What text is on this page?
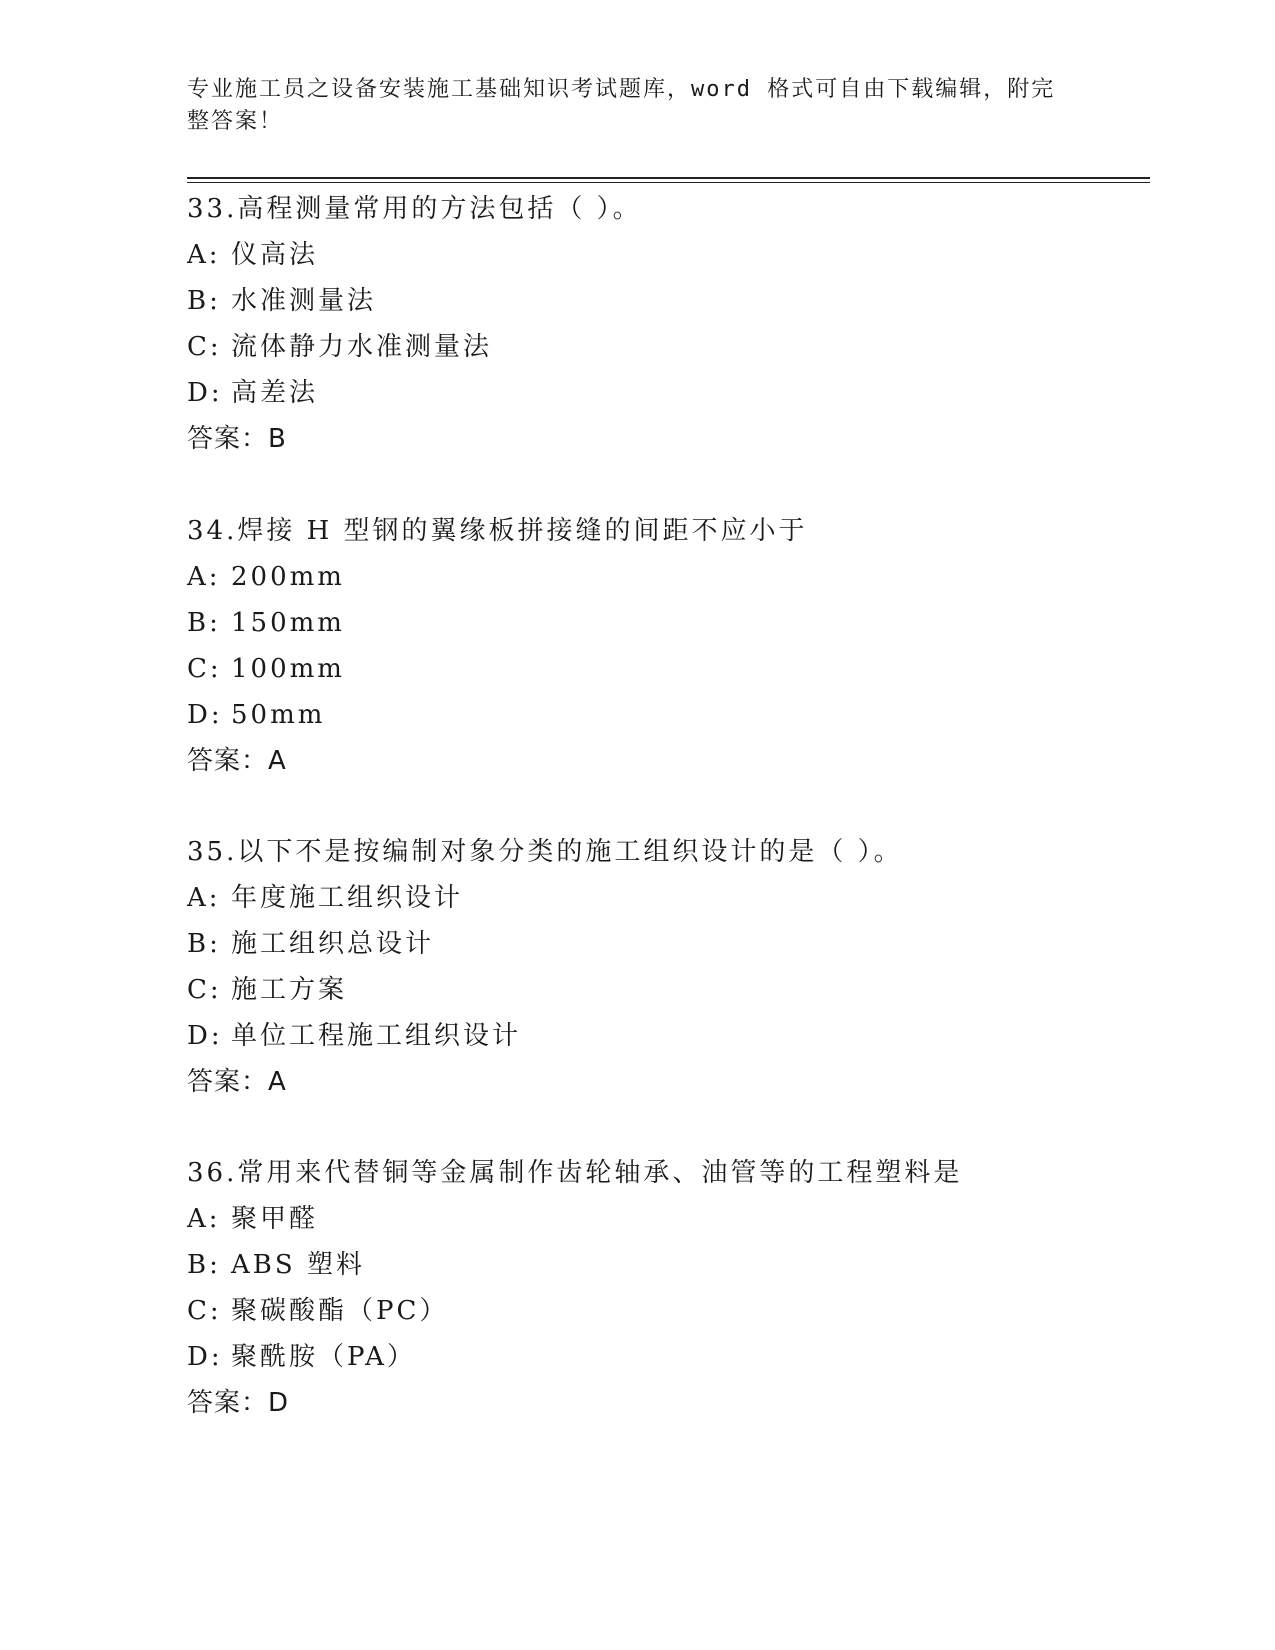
专业施工员之设备安装施工基础知识考试题库，word 格式可自由下载编辑，附完
整答案！
33.高程测量常用的方法包括（ ）。
A: 仪高法
B: 水准测量法
C: 流体静力水准测量法
D: 高差法
答案：B
34.焊接 H 型钢的翼缘板拼接缝的间距不应小于
A: 200mm
B: 150mm
C: 100mm
D: 50mm
答案：A
35.以下不是按编制对象分类的施工组织设计的是（ ）。
A: 年度施工组织设计
B: 施工组织总设计
C: 施工方案
D: 单位工程施工组织设计
答案：A
36.常用来代替铜等金属制作齿轮轴承、油管等的工程塑料是
A: 聚甲醛
B: ABS 塑料
C: 聚碳酸酯（PC）
D: 聚酰胺（PA）
答案：D
